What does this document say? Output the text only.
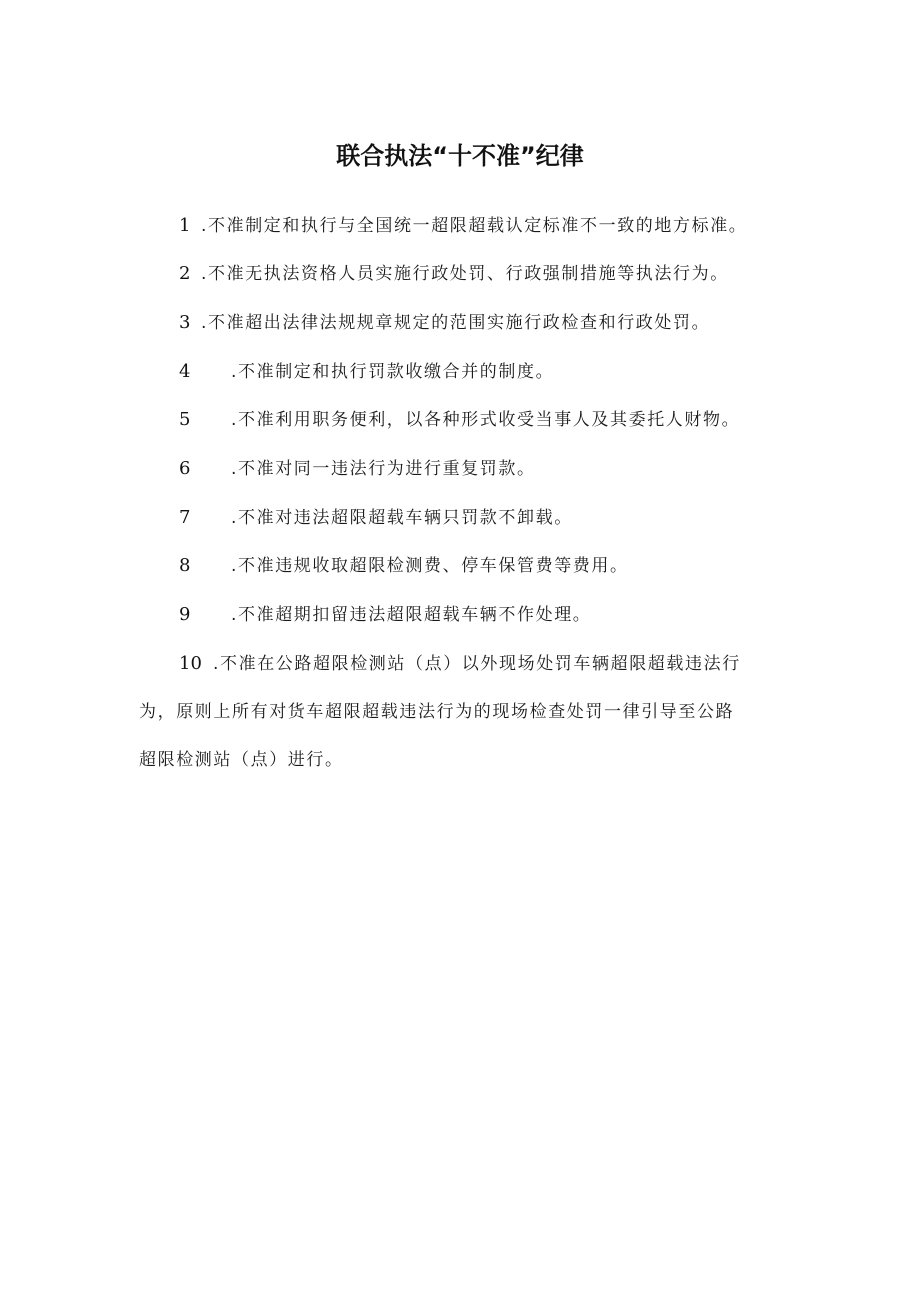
联合执法“十不准”纪律
1 .不准制定和执行与全国统一超限超载认定标准不一致的地方标准。
2 .不准无执法资格人员实施行政处罚、行政强制措施等执法行为。
3 .不准超出法律法规规章规定的范围实施行政检查和行政处罚。
4 .不准制定和执行罚款收缴合并的制度。
5 .不准利用职务便利，以各种形式收受当事人及其委托人财物。
6 .不准对同一违法行为进行重复罚款。
7 .不准对违法超限超载车辆只罚款不卸载。
8 .不准违规收取超限检测费、停车保管费等费用。
9 .不准超期扣留违法超限超载车辆不作处理。
10 .不准在公路超限检测站（点）以外现场处罚车辆超限超载违法行
为，原则上所有对货车超限超载违法行为的现场检查处罚一律引导至公路
超限检测站（点）进行。
